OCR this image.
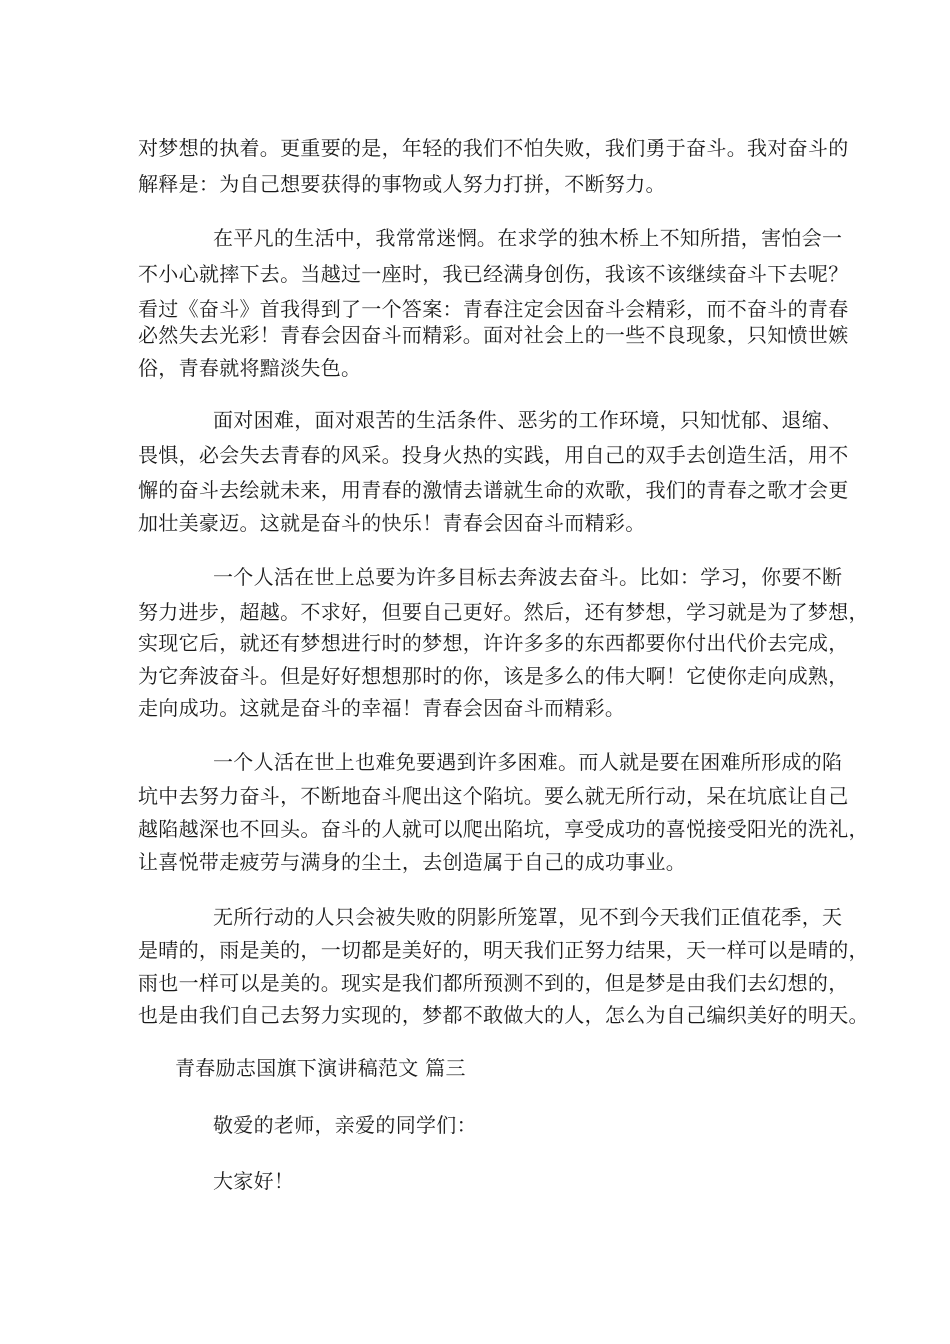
对梦想的执着。更重要的是，年轻的我们不怕失败，我们勇于奋斗。我对奋斗的
解释是：为自己想要获得的事物或人努力打拼，不断努力。
在平凡的生活中，我常常迷惘。在求学的独木桥上不知所措，害怕会一
不小心就摔下去。当越过一座时，我已经满身创伤，我该不该继续奋斗下去呢？
看过《奋斗》首我得到了一个答案：青春注定会因奋斗会精彩，而不奋斗的青春
必然失去光彩！青春会因奋斗而精彩。面对社会上的一些不良现象，只知愤世嫉
俗，青春就将黯淡失色。
面对困难，面对艰苦的生活条件、恶劣的工作环境，只知忧郁、退缩、
畏惧，必会失去青春的风采。投身火热的实践，用自己的双手去创造生活，用不
懈的奋斗去绘就未来，用青春的激情去谱就生命的欢歌，我们的青春之歌才会更
加壮美豪迈。这就是奋斗的快乐！青春会因奋斗而精彩。
一个人活在世上总要为许多目标去奔波去奋斗。比如：学习，你要不断
努力进步，超越。不求好，但要自己更好。然后，还有梦想，学习就是为了梦想，
实现它后，就还有梦想进行时的梦想，许许多多的东西都要你付出代价去完成，
为它奔波奋斗。但是好好想想那时的你，该是多么的伟大啊！它使你走向成熟，
走向成功。这就是奋斗的幸福！青春会因奋斗而精彩。
一个人活在世上也难免要遇到许多困难。而人就是要在困难所形成的陷
坑中去努力奋斗，不断地奋斗爬出这个陷坑。要么就无所行动，呆在坑底让自己
越陷越深也不回头。奋斗的人就可以爬出陷坑，享受成功的喜悦接受阳光的洗礼，
让喜悦带走疲劳与满身的尘土，去创造属于自己的成功事业。
无所行动的人只会被失败的阴影所笼罩，见不到今天我们正值花季，天
是晴的，雨是美的，一切都是美好的，明天我们正努力结果，天一样可以是晴的，
雨也一样可以是美的。现实是我们都所预测不到的，但是梦是由我们去幻想的，
也是由我们自己去努力实现的，梦都不敢做大的人，怎么为自己编织美好的明天。
青春励志国旗下演讲稿范文 篇三
敬爱的老师，亲爱的同学们：
大家好！
